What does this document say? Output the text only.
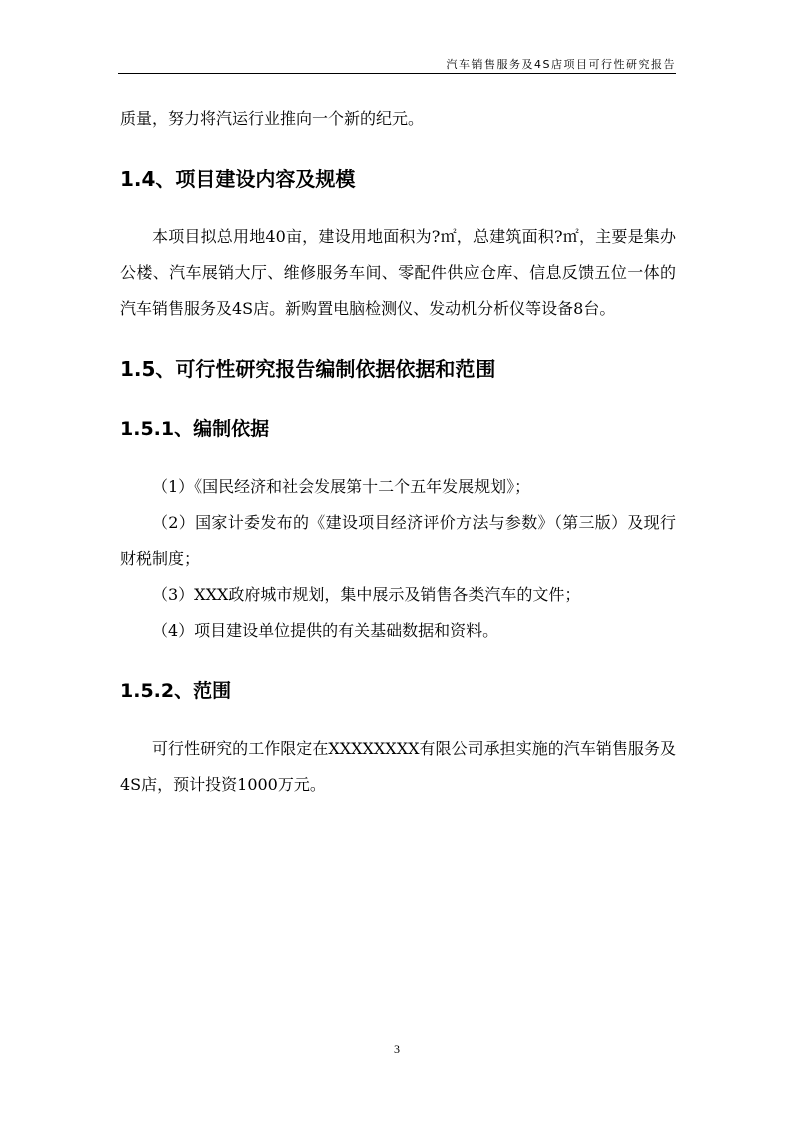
汽车销售服务及4S店项目可行性研究报告

质量，努力将汽运行业推向一个新的纪元。

1.4、项目建设内容及规模

本项目拟总用地40亩，建设用地面积为?㎡，总建筑面积?㎡，主要是集办公楼、汽车展销大厅、维修服务车间、零配件供应仓库、信息反馈五位一体的汽车销售服务及4S店。新购置电脑检测仪、发动机分析仪等设备8台。

1.5、可行性研究报告编制依据依据和范围
1.5.1、编制依据

（1）《国民经济和社会发展第十二个五年发展规划》；

（2）国家计委发布的《建设项目经济评价方法与参数》（第三版）及现行财税制度；

（3）XXX政府城市规划，集中展示及销售各类汽车的文件；

（4）项目建设单位提供的有关基础数据和资料。

1.5.2、范围

可行性研究的工作限定在XXXXXXXX有限公司承担实施的汽车销售服务及4S店，预计投资1000万元。

3
